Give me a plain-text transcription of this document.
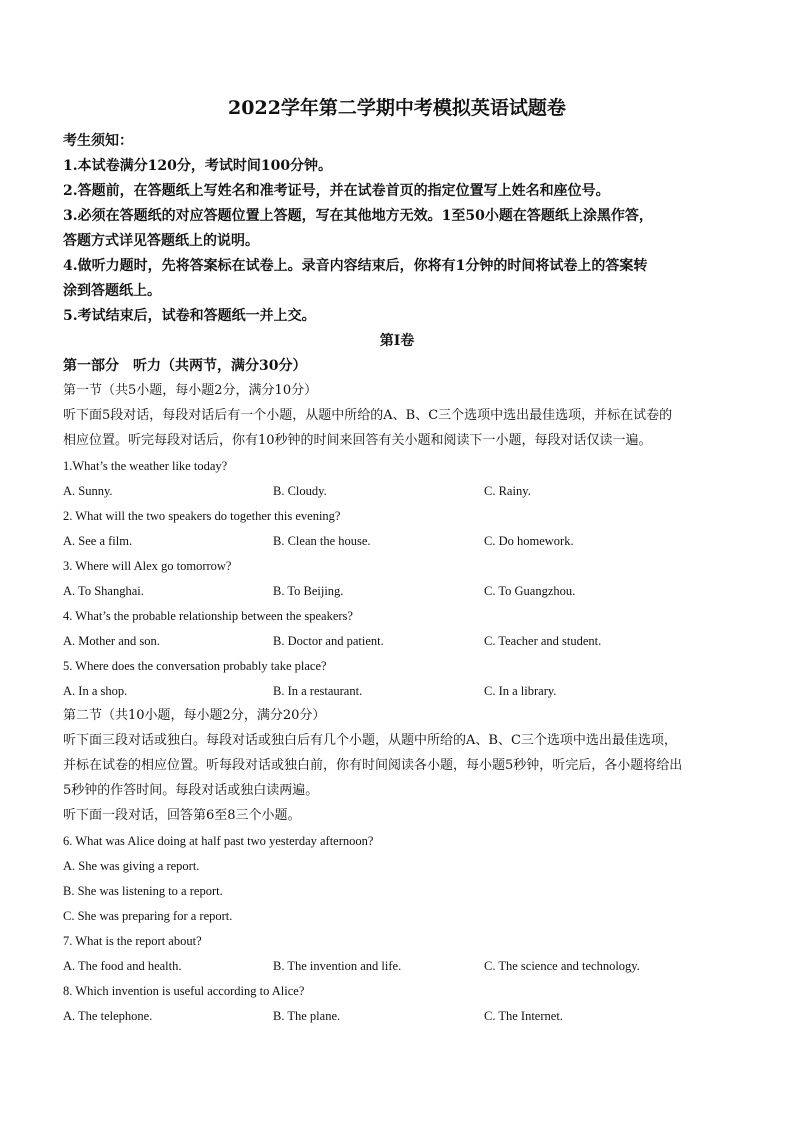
2022学年第二学期中考模拟英语试题卷
考生须知：
1.本试卷满分120分，考试时间100分钟。
2.答题前，在答题纸上写姓名和准考证号，并在试卷首页的指定位置写上姓名和座位号。
3.必须在答题纸的对应答题位置上答题，写在其他地方无效。1至50小题在答题纸上涂黑作答，
答题方式详见答题纸上的说明。
4.做听力题时，先将答案标在试卷上。录音内容结束后，你将有1分钟的时间将试卷上的答案转
涂到答题纸上。
5.考试结束后，试卷和答题纸一并上交。
第I卷
第一部分　听力（共两节，满分30分）
第一节（共5小题，每小题2分，满分10分）
听下面5段对话，每段对话后有一个小题，从题中所给的A、B、C三个选项中选出最佳选项，并标在试卷的
相应位置。听完每段对话后，你有10秒钟的时间来回答有关小题和阅读下一小题，每段对话仅读一遍。
1.What’s the weather like today?
A. Sunny.	B. Cloudy.	C. Rainy.
2. What will the two speakers do together this evening?
A. See a film.	B. Clean the house.	C. Do homework.
3. Where will Alex go tomorrow?
A. To Shanghai.	B. To Beijing.	C. To Guangzhou.
4. What’s the probable relationship between the speakers?
A. Mother and son.	B. Doctor and patient.	C. Teacher and student.
5. Where does the conversation probably take place?
A. In a shop.	B. In a restaurant.	C. In a library.
第二节（共10小题，每小题2分，满分20分）
听下面三段对话或独白。每段对话或独白后有几个小题，从题中所给的A、B、C三个选项中选出最佳选项，
并标在试卷的相应位置。听每段对话或独白前，你有时间阅读各小题，每小题5秒钟，听完后，各小题将给出
5秒钟的作答时间。每段对话或独白读两遍。
听下面一段对话，回答第6至8三个小题。
6. What was Alice doing at half past two yesterday afternoon?
A. She was giving a report.
B. She was listening to a report.
C. She was preparing for a report.
7. What is the report about?
A. The food and health.	B. The invention and life.	C. The science and technology.
8. Which invention is useful according to Alice?
A. The telephone.	B. The plane.	C. The Internet.
